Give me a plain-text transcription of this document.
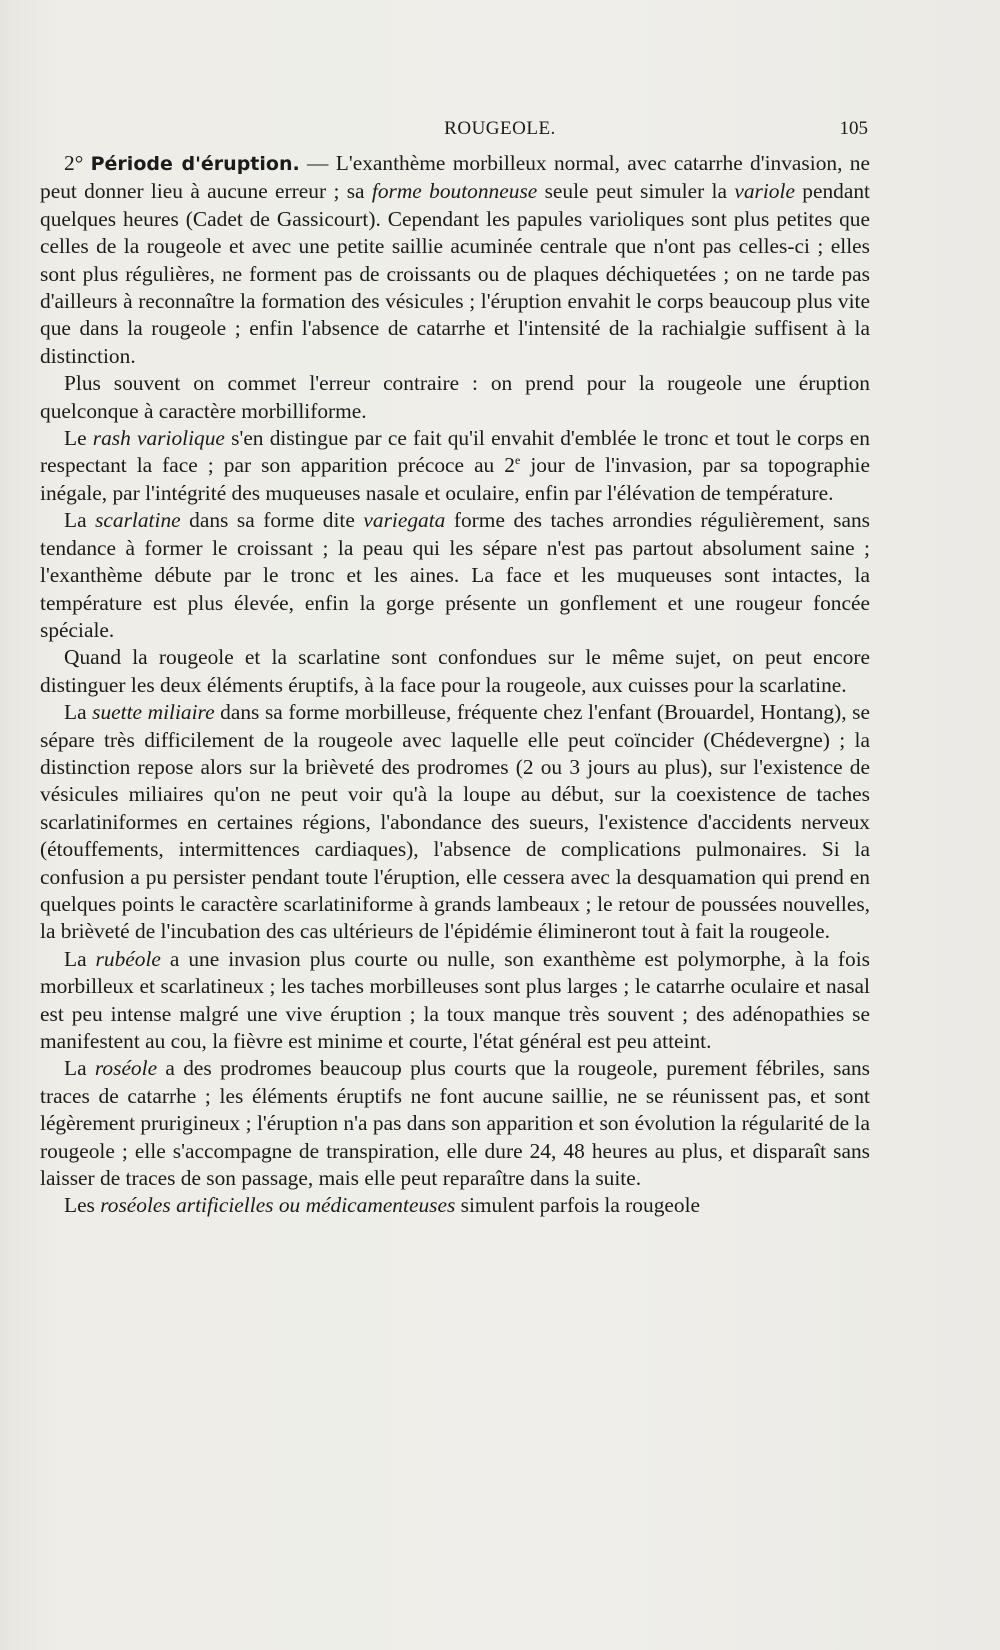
ROUGEOLE.	105

2° Période d'éruption. — L'exanthème morbilleux normal, avec catarrhe d'invasion, ne peut donner lieu à aucune erreur ; sa forme boutonneuse seule peut simuler la variole pendant quelques heures (Cadet de Gassicourt). Cependant les papules varioliques sont plus petites que celles de la rougeole et avec une petite saillie acuminée centrale que n'ont pas celles-ci ; elles sont plus régulières, ne forment pas de croissants ou de plaques déchiquetées ; on ne tarde pas d'ailleurs à reconnaître la formation des vésicules ; l'éruption envahit le corps beaucoup plus vite que dans la rougeole ; enfin l'absence de catarrhe et l'intensité de la rachialgie suffisent à la distinction.

Plus souvent on commet l'erreur contraire : on prend pour la rougeole une éruption quelconque à caractère morbilliforme.

Le rash variolique s'en distingue par ce fait qu'il envahit d'emblée le tronc et tout le corps en respectant la face ; par son apparition précoce au 2e jour de l'invasion, par sa topographie inégale, par l'intégrité des muqueuses nasale et oculaire, enfin par l'élévation de température.

La scarlatine dans sa forme dite variegata forme des taches arrondies régulièrement, sans tendance à former le croissant ; la peau qui les sépare n'est pas partout absolument saine ; l'exanthème débute par le tronc et les aines. La face et les muqueuses sont intactes, la température est plus élevée, enfin la gorge présente un gonflement et une rougeur foncée spéciale.

Quand la rougeole et la scarlatine sont confondues sur le même sujet, on peut encore distinguer les deux éléments éruptifs, à la face pour la rougeole, aux cuisses pour la scarlatine.

La suette miliaire dans sa forme morbilleuse, fréquente chez l'enfant (Brouardel, Hontang), se sépare très difficilement de la rougeole avec laquelle elle peut coïncider (Chédevergne) ; la distinction repose alors sur la brièveté des prodromes (2 ou 3 jours au plus), sur l'existence de vésicules miliaires qu'on ne peut voir qu'à la loupe au début, sur la coexistence de taches scarlatiniformes en certaines régions, l'abondance des sueurs, l'existence d'accidents nerveux (étouffements, intermittences cardiaques), l'absence de complications pulmonaires. Si la confusion a pu persister pendant toute l'éruption, elle cessera avec la desquamation qui prend en quelques points le caractère scarlatiniforme à grands lambeaux ; le retour de poussées nouvelles, la brièveté de l'incubation des cas ultérieurs de l'épidémie élimineront tout à fait la rougeole.

La rubéole a une invasion plus courte ou nulle, son exanthème est polymorphe, à la fois morbilleux et scarlatineux ; les taches morbilleuses sont plus larges ; le catarrhe oculaire et nasal est peu intense malgré une vive éruption ; la toux manque très souvent ; des adénopathies se manifestent au cou, la fièvre est minime et courte, l'état général est peu atteint.

La roséole a des prodromes beaucoup plus courts que la rougeole, purement fébriles, sans traces de catarrhe ; les éléments éruptifs ne font aucune saillie, ne se réunissent pas, et sont légèrement prurigineux ; l'éruption n'a pas dans son apparition et son évolution la régularité de la rougeole ; elle s'accompagne de transpiration, elle dure 24, 48 heures au plus, et disparaît sans laisser de traces de son passage, mais elle peut reparaître dans la suite.

Les roséoles artificielles ou médicamenteuses simulent parfois la rougeole
